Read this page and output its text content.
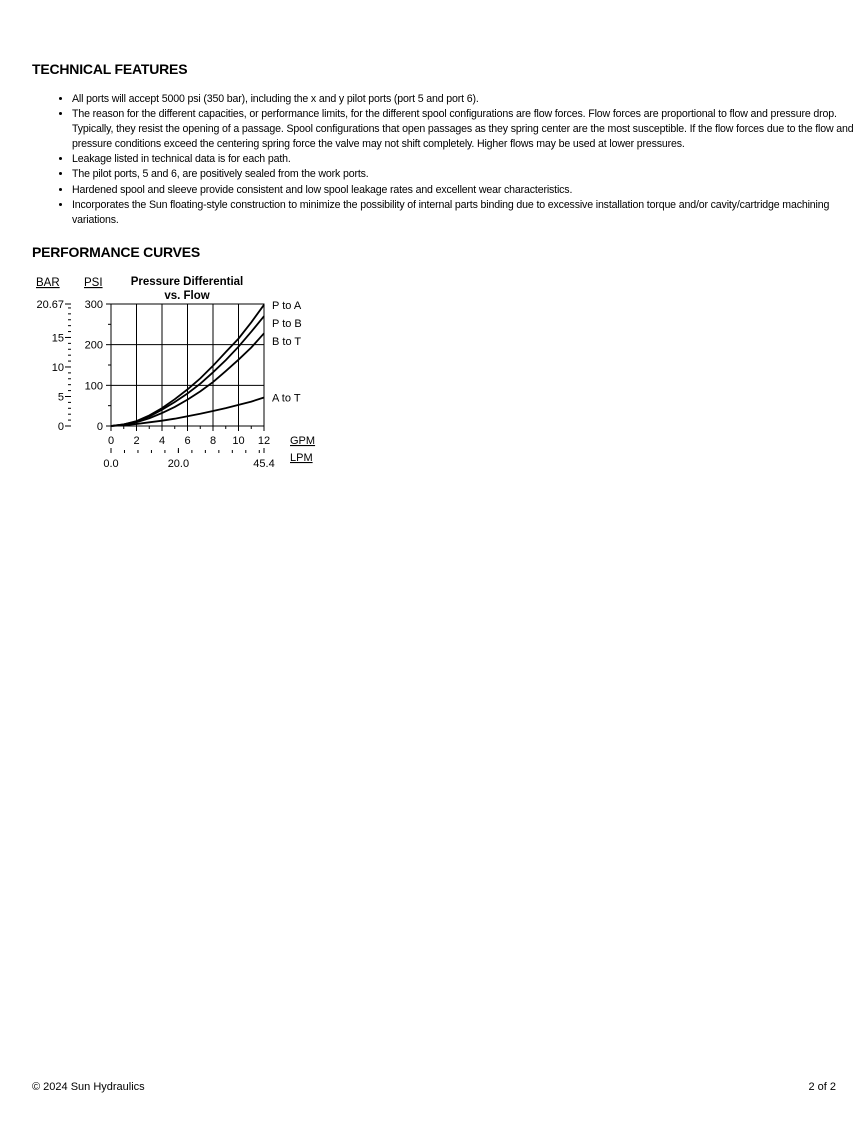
TECHNICAL FEATURES
• All ports will accept 5000 psi (350 bar), including the x and y pilot ports (port 5 and port 6).
• The reason for the different capacities, or performance limits, for the different spool configurations are flow forces. Flow forces are proportional to flow and pressure drop. Typically, they resist the opening of a passage. Spool configurations that open passages as they spring center are the most susceptible. If the flow forces due to the flow and pressure conditions exceed the centering spring force the valve may not shift completely. Higher flows may be used at lower pressures.
• Leakage listed in technical data is for each path.
• The pilot ports, 5 and 6, are positively sealed from the work ports.
• Hardened spool and sleeve provide consistent and low spool leakage rates and excellent wear characteristics.
• Incorporates the Sun floating-style construction to minimize the possibility of internal parts binding due to excessive installation torque and/or cavity/cartridge machining variations.
PERFORMANCE CURVES
Pressure Differential
vs. Flow
BAR PSI
GPM
LPM
0
5
10
15
20.67
0
100
200
300
0 2 4 6 8 10 12
0.0	20.0	45.4
P to A
P to B
B to T
A to T
© 2024 Sun Hydraulics	2 of 2
